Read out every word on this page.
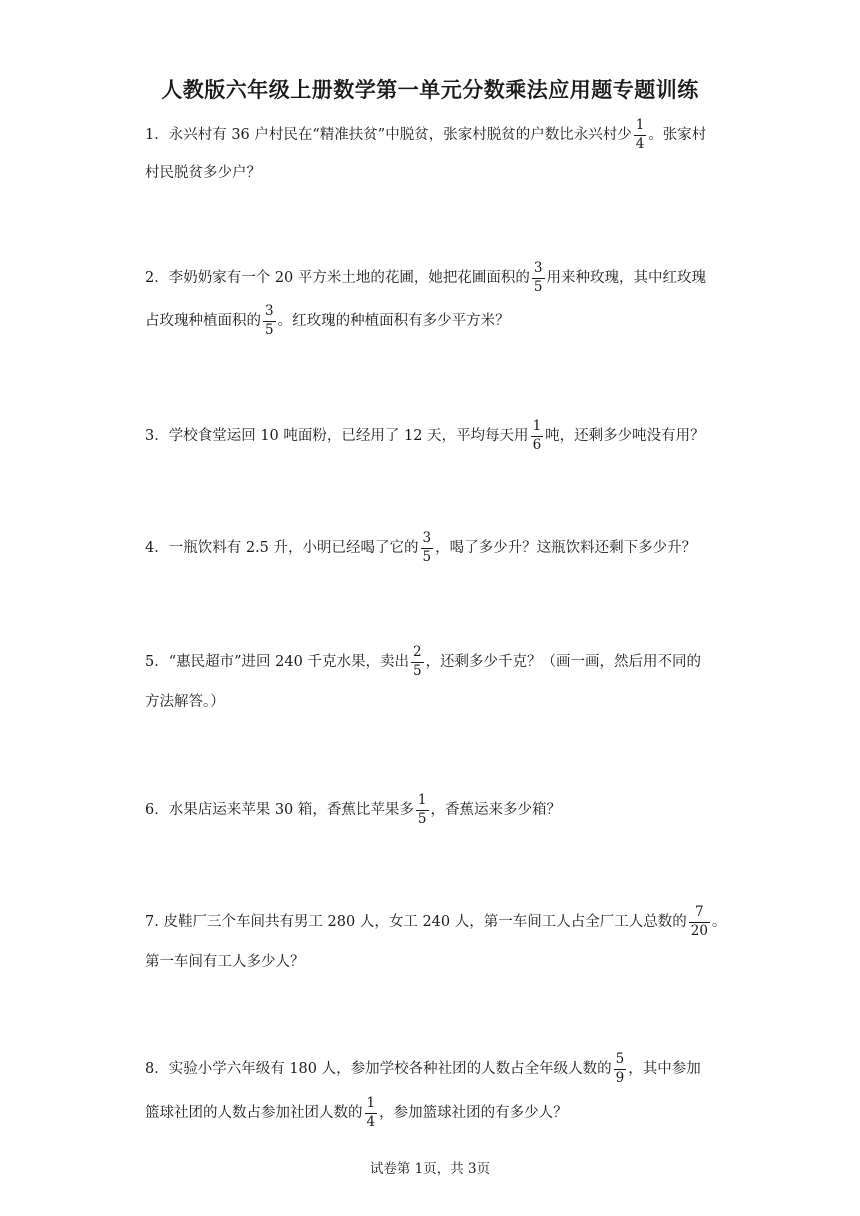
人教版六年级上册数学第一单元分数乘法应用题专题训练
1．永兴村有 36 户村民在“精准扶贫”中脱贫，张家村脱贫的户数比永兴村少 $\frac{1}{4}$ 。张家村
村民脱贫多少户？
2．李奶奶家有一个 20 平方米土地的花圃，她把花圃面积的 $\frac{3}{5}$ 用来种玫瑰，其中红玫瑰
占玫瑰种植面积的 $\frac{3}{5}$ 。红玫瑰的种植面积有多少平方米？
3．学校食堂运回 10 吨面粉，已经用了 12 天，平均每天用 $\frac{1}{6}$ 吨，还剩多少吨没有用？
4．一瓶饮料有 2.5 升，小明已经喝了它的 $\frac{3}{5}$ ，喝了多少升？这瓶饮料还剩下多少升？
5．“惠民超市”进回 240 千克水果，卖出 $\frac{2}{5}$ ，还剩多少千克？（画一画，然后用不同的
方法解答。）
6．水果店运来苹果 30 箱，香蕉比苹果多 $\frac{1}{5}$ ，香蕉运来多少箱？
7. 皮鞋厂三个车间共有男工 280 人，女工 240 人，第一车间工人占全厂工人总数的 $\frac{7}{20}$ 。
第一车间有工人多少人？
8．实验小学六年级有 180 人，参加学校各种社团的人数占全年级人数的 $\frac{5}{9}$ ，其中参加
篮球社团的人数占参加社团人数的 $\frac{1}{4}$ ，参加篮球社团的有多少人？
试卷第 1页，共 3页
